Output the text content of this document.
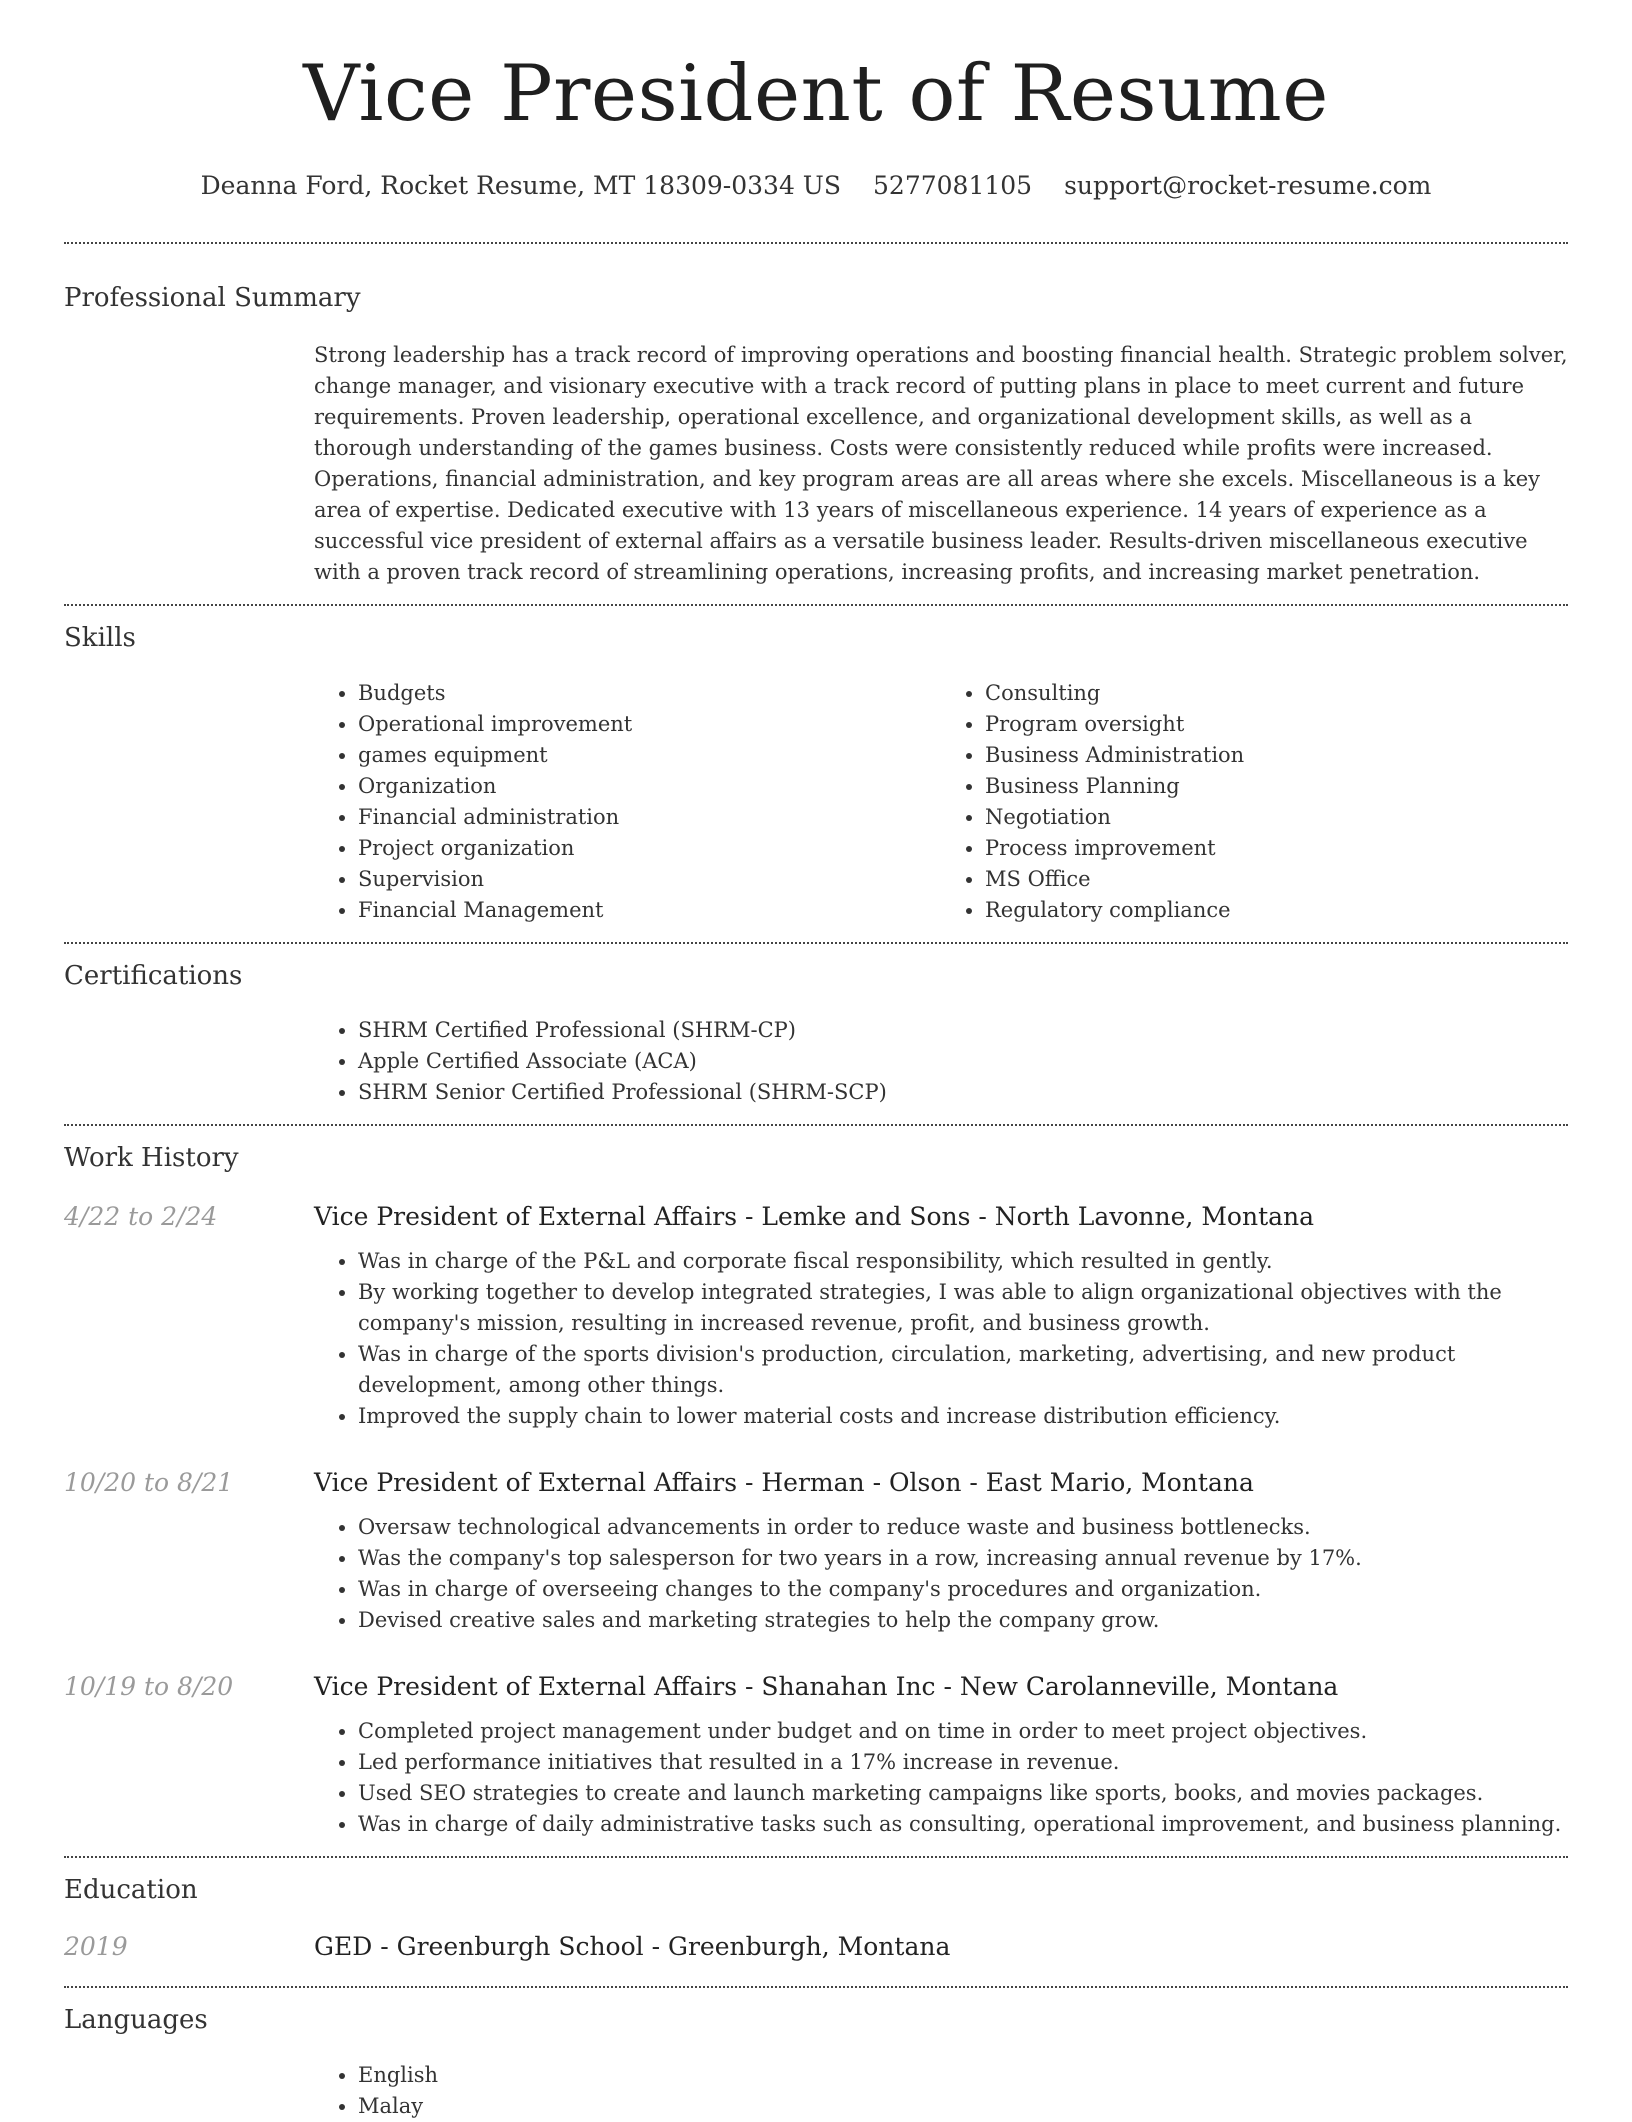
Vice President of Resume
Deanna Ford, Rocket Resume, MT 18309-0334 US 5277081105 support@rocket-resume.com
Professional Summary
Strong leadership has a track record of improving operations and boosting financial health. Strategic problem solver, change manager, and visionary executive with a track record of putting plans in place to meet current and future requirements. Proven leadership, operational excellence, and organizational development skills, as well as a thorough understanding of the games business. Costs were consistently reduced while profits were increased. Operations, financial administration, and key program areas are all areas where she excels. Miscellaneous is a key area of expertise. Dedicated executive with 13 years of miscellaneous experience. 14 years of experience as a successful vice president of external affairs as a versatile business leader. Results-driven miscellaneous executive with a proven track record of streamlining operations, increasing profits, and increasing market penetration.
Skills
• Budgets
• Operational improvement
• games equipment
• Organization
• Financial administration
• Project organization
• Supervision
• Financial Management
• Consulting
• Program oversight
• Business Administration
• Business Planning
• Negotiation
• Process improvement
• MS Office
• Regulatory compliance
Certifications
• SHRM Certified Professional (SHRM-CP)
• Apple Certified Associate (ACA)
• SHRM Senior Certified Professional (SHRM-SCP)
Work History
4/22 to 2/24	Vice President of External Affairs - Lemke and Sons - North Lavonne, Montana
• Was in charge of the P&L and corporate fiscal responsibility, which resulted in gently.
• By working together to develop integrated strategies, I was able to align organizational objectives with the company's mission, resulting in increased revenue, profit, and business growth.
• Was in charge of the sports division's production, circulation, marketing, advertising, and new product development, among other things.
• Improved the supply chain to lower material costs and increase distribution efficiency.
10/20 to 8/21	Vice President of External Affairs - Herman - Olson - East Mario, Montana
• Oversaw technological advancements in order to reduce waste and business bottlenecks.
• Was the company's top salesperson for two years in a row, increasing annual revenue by 17%.
• Was in charge of overseeing changes to the company's procedures and organization.
• Devised creative sales and marketing strategies to help the company grow.
10/19 to 8/20	Vice President of External Affairs - Shanahan Inc - New Carolanneville, Montana
• Completed project management under budget and on time in order to meet project objectives.
• Led performance initiatives that resulted in a 17% increase in revenue.
• Used SEO strategies to create and launch marketing campaigns like sports, books, and movies packages.
• Was in charge of daily administrative tasks such as consulting, operational improvement, and business planning.
Education
2019	GED - Greenburgh School - Greenburgh, Montana
Languages
• English
• Malay
